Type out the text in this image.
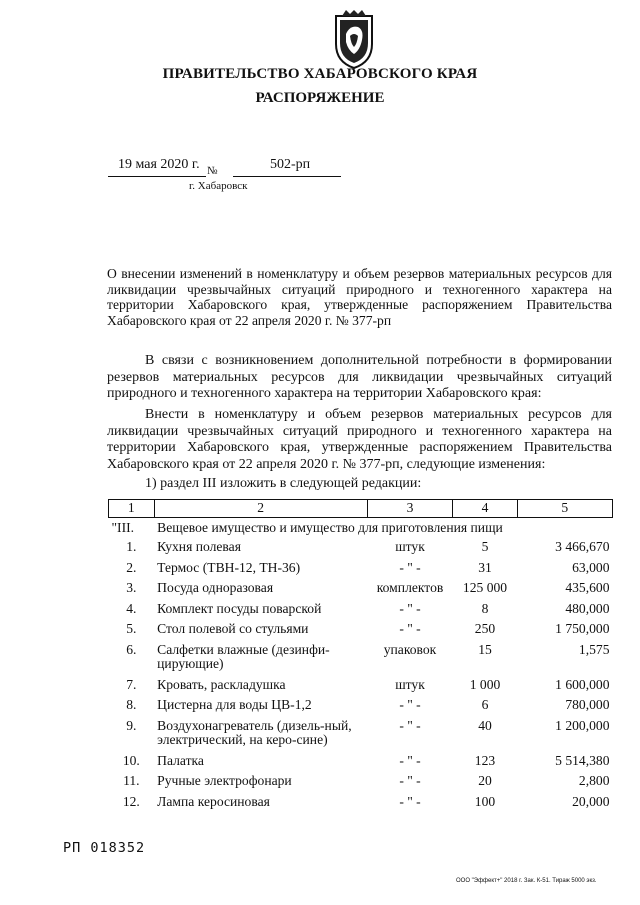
ПРАВИТЕЛЬСТВО ХАБАРОВСКОГО КРАЯ
РАСПОРЯЖЕНИЕ
19 мая 2020 г. №	502-рп
г. Хабаровск
О внесении изменений в номенклатуру и объем резервов материальных ресурсов для ликвидации чрезвычайных ситуаций природного и техногенного характера на территории Хабаровского края, утвержденные распоряжением Правительства Хабаровского края от 22 апреля 2020 г. № 377-рп
В связи с возникновением дополнительной потребности в формировании резервов материальных ресурсов для ликвидации чрезвычайных ситуаций природного и техногенного характера на территории Хабаровского края:
Внести в номенклатуру и объем резервов материальных ресурсов для ликвидации чрезвычайных ситуаций природного и техногенного характера на территории Хабаровского края, утвержденные распоряжением Правительства Хабаровского края от 22 апреля 2020 г. № 377-рп, следующие изменения:
1) раздел III изложить в следующей редакции:
1	2	3	4	5
"III.	Вещевое имущество и имущество для приготовления пищи			
1.	Кухня полевая	штук	5	3 466,670
2.	Термос (ТВН-12, ТН-36)	- " -	31	63,000
3.	Посуда одноразовая	комплектов	125 000	435,600
4.	Комплект посуды поварской	- " -	8	480,000
5.	Стол полевой со стульями	- " -	250	1 750,000
6.	Салфетки влажные (дезинфи-цирующие)	упаковок	15	1,575
7.	Кровать, раскладушка	штук	1 000	1 600,000
8.	Цистерна для воды ЦВ-1,2	- " -	6	780,000
9.	Воздухонагреватель (дизель-ный, электрический, на керо-сине)	- " -	40	1 200,000
10.	Палатка	- " -	123	5 514,380
11.	Ручные электрофонари	- " -	20	2,800
12.	Лампа керосиновая	- " -	100	20,000
РП 018352
ООО "Эффект+" 2018 г. Зак. К-51. Тираж 5000 экз.
